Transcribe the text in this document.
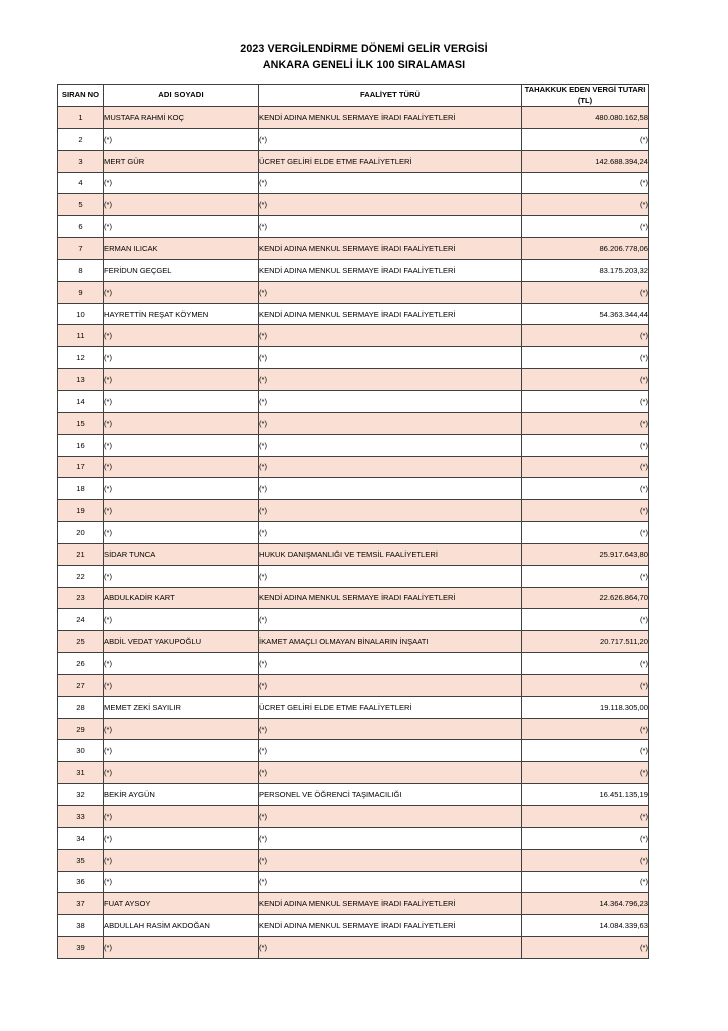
2023 VERGİLENDİRME DÖNEMİ GELİR VERGİSİ
ANKARA GENELİ İLK 100 SIRALAMASI
SIRAN NO	ADI SOYADI	FAALİYET TÜRÜ	TAHAKKUK EDEN VERGİ TUTARI
(TL)
1	MUSTAFA RAHMİ KOÇ	KENDİ ADINA MENKUL SERMAYE İRADI FAALİYETLERİ	480.080.162,58
2	(*)	(*)	(*)
3	MERT GÜR	ÜCRET GELİRİ ELDE ETME FAALİYETLERİ	142.688.394,24
4	(*)	(*)	(*)
5	(*)	(*)	(*)
6	(*)	(*)	(*)
7	ERMAN ILICAK	KENDİ ADINA MENKUL SERMAYE İRADI FAALİYETLERİ	86.206.778,06
8	FERİDUN GEÇGEL	KENDİ ADINA MENKUL SERMAYE İRADI FAALİYETLERİ	83.175.203,32
9	(*)	(*)	(*)
10	HAYRETTİN REŞAT KÖYMEN	KENDİ ADINA MENKUL SERMAYE İRADI FAALİYETLERİ	54.363.344,44
11	(*)	(*)	(*)
12	(*)	(*)	(*)
13	(*)	(*)	(*)
14	(*)	(*)	(*)
15	(*)	(*)	(*)
16	(*)	(*)	(*)
17	(*)	(*)	(*)
18	(*)	(*)	(*)
19	(*)	(*)	(*)
20	(*)	(*)	(*)
21	SİDAR TUNCA	HUKUK DANIŞMANLIĞI VE TEMSİL FAALİYETLERİ	25.917.643,80
22	(*)	(*)	(*)
23	ABDULKADİR KART	KENDİ ADINA MENKUL SERMAYE İRADI FAALİYETLERİ	22.626.864,70
24	(*)	(*)	(*)
25	ABDİL VEDAT YAKUPOĞLU	İKAMET AMAÇLI OLMAYAN BİNALARIN İNŞAATI	20.717.511,20
26	(*)	(*)	(*)
27	(*)	(*)	(*)
28	MEMET ZEKİ SAYILIR	ÜCRET GELİRİ ELDE ETME FAALİYETLERİ	19.118.305,00
29	(*)	(*)	(*)
30	(*)	(*)	(*)
31	(*)	(*)	(*)
32	BEKİR AYGÜN	PERSONEL VE ÖĞRENCİ TAŞIMACILIĞI	16.451.135,19
33	(*)	(*)	(*)
34	(*)	(*)	(*)
35	(*)	(*)	(*)
36	(*)	(*)	(*)
37	FUAT AYSOY	KENDİ ADINA MENKUL SERMAYE İRADI FAALİYETLERİ	14.364.796,23
38	ABDULLAH RASİM AKDOĞAN	KENDİ ADINA MENKUL SERMAYE İRADI FAALİYETLERİ	14.084.339,63
39	(*)	(*)	(*)
